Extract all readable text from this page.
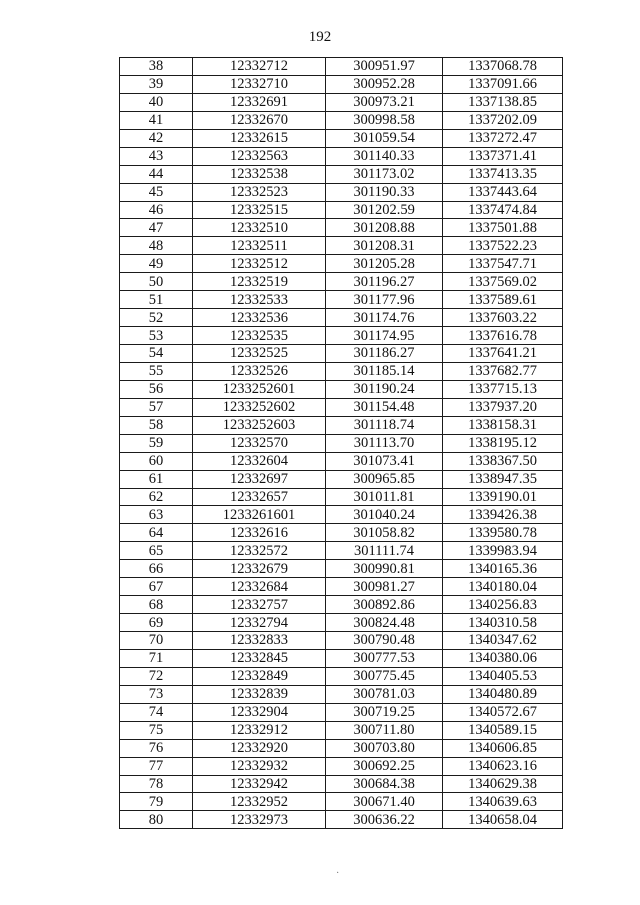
192
38	12332712	300951.97	1337068.78
39	12332710	300952.28	1337091.66
40	12332691	300973.21	1337138.85
41	12332670	300998.58	1337202.09
42	12332615	301059.54	1337272.47
43	12332563	301140.33	1337371.41
44	12332538	301173.02	1337413.35
45	12332523	301190.33	1337443.64
46	12332515	301202.59	1337474.84
47	12332510	301208.88	1337501.88
48	12332511	301208.31	1337522.23
49	12332512	301205.28	1337547.71
50	12332519	301196.27	1337569.02
51	12332533	301177.96	1337589.61
52	12332536	301174.76	1337603.22
53	12332535	301174.95	1337616.78
54	12332525	301186.27	1337641.21
55	12332526	301185.14	1337682.77
56	1233252601	301190.24	1337715.13
57	1233252602	301154.48	1337937.20
58	1233252603	301118.74	1338158.31
59	12332570	301113.70	1338195.12
60	12332604	301073.41	1338367.50
61	12332697	300965.85	1338947.35
62	12332657	301011.81	1339190.01
63	1233261601	301040.24	1339426.38
64	12332616	301058.82	1339580.78
65	12332572	301111.74	1339983.94
66	12332679	300990.81	1340165.36
67	12332684	300981.27	1340180.04
68	12332757	300892.86	1340256.83
69	12332794	300824.48	1340310.58
70	12332833	300790.48	1340347.62
71	12332845	300777.53	1340380.06
72	12332849	300775.45	1340405.53
73	12332839	300781.03	1340480.89
74	12332904	300719.25	1340572.67
75	12332912	300711.80	1340589.15
76	12332920	300703.80	1340606.85
77	12332932	300692.25	1340623.16
78	12332942	300684.38	1340629.38
79	12332952	300671.40	1340639.63
80	12332973	300636.22	1340658.04
·
